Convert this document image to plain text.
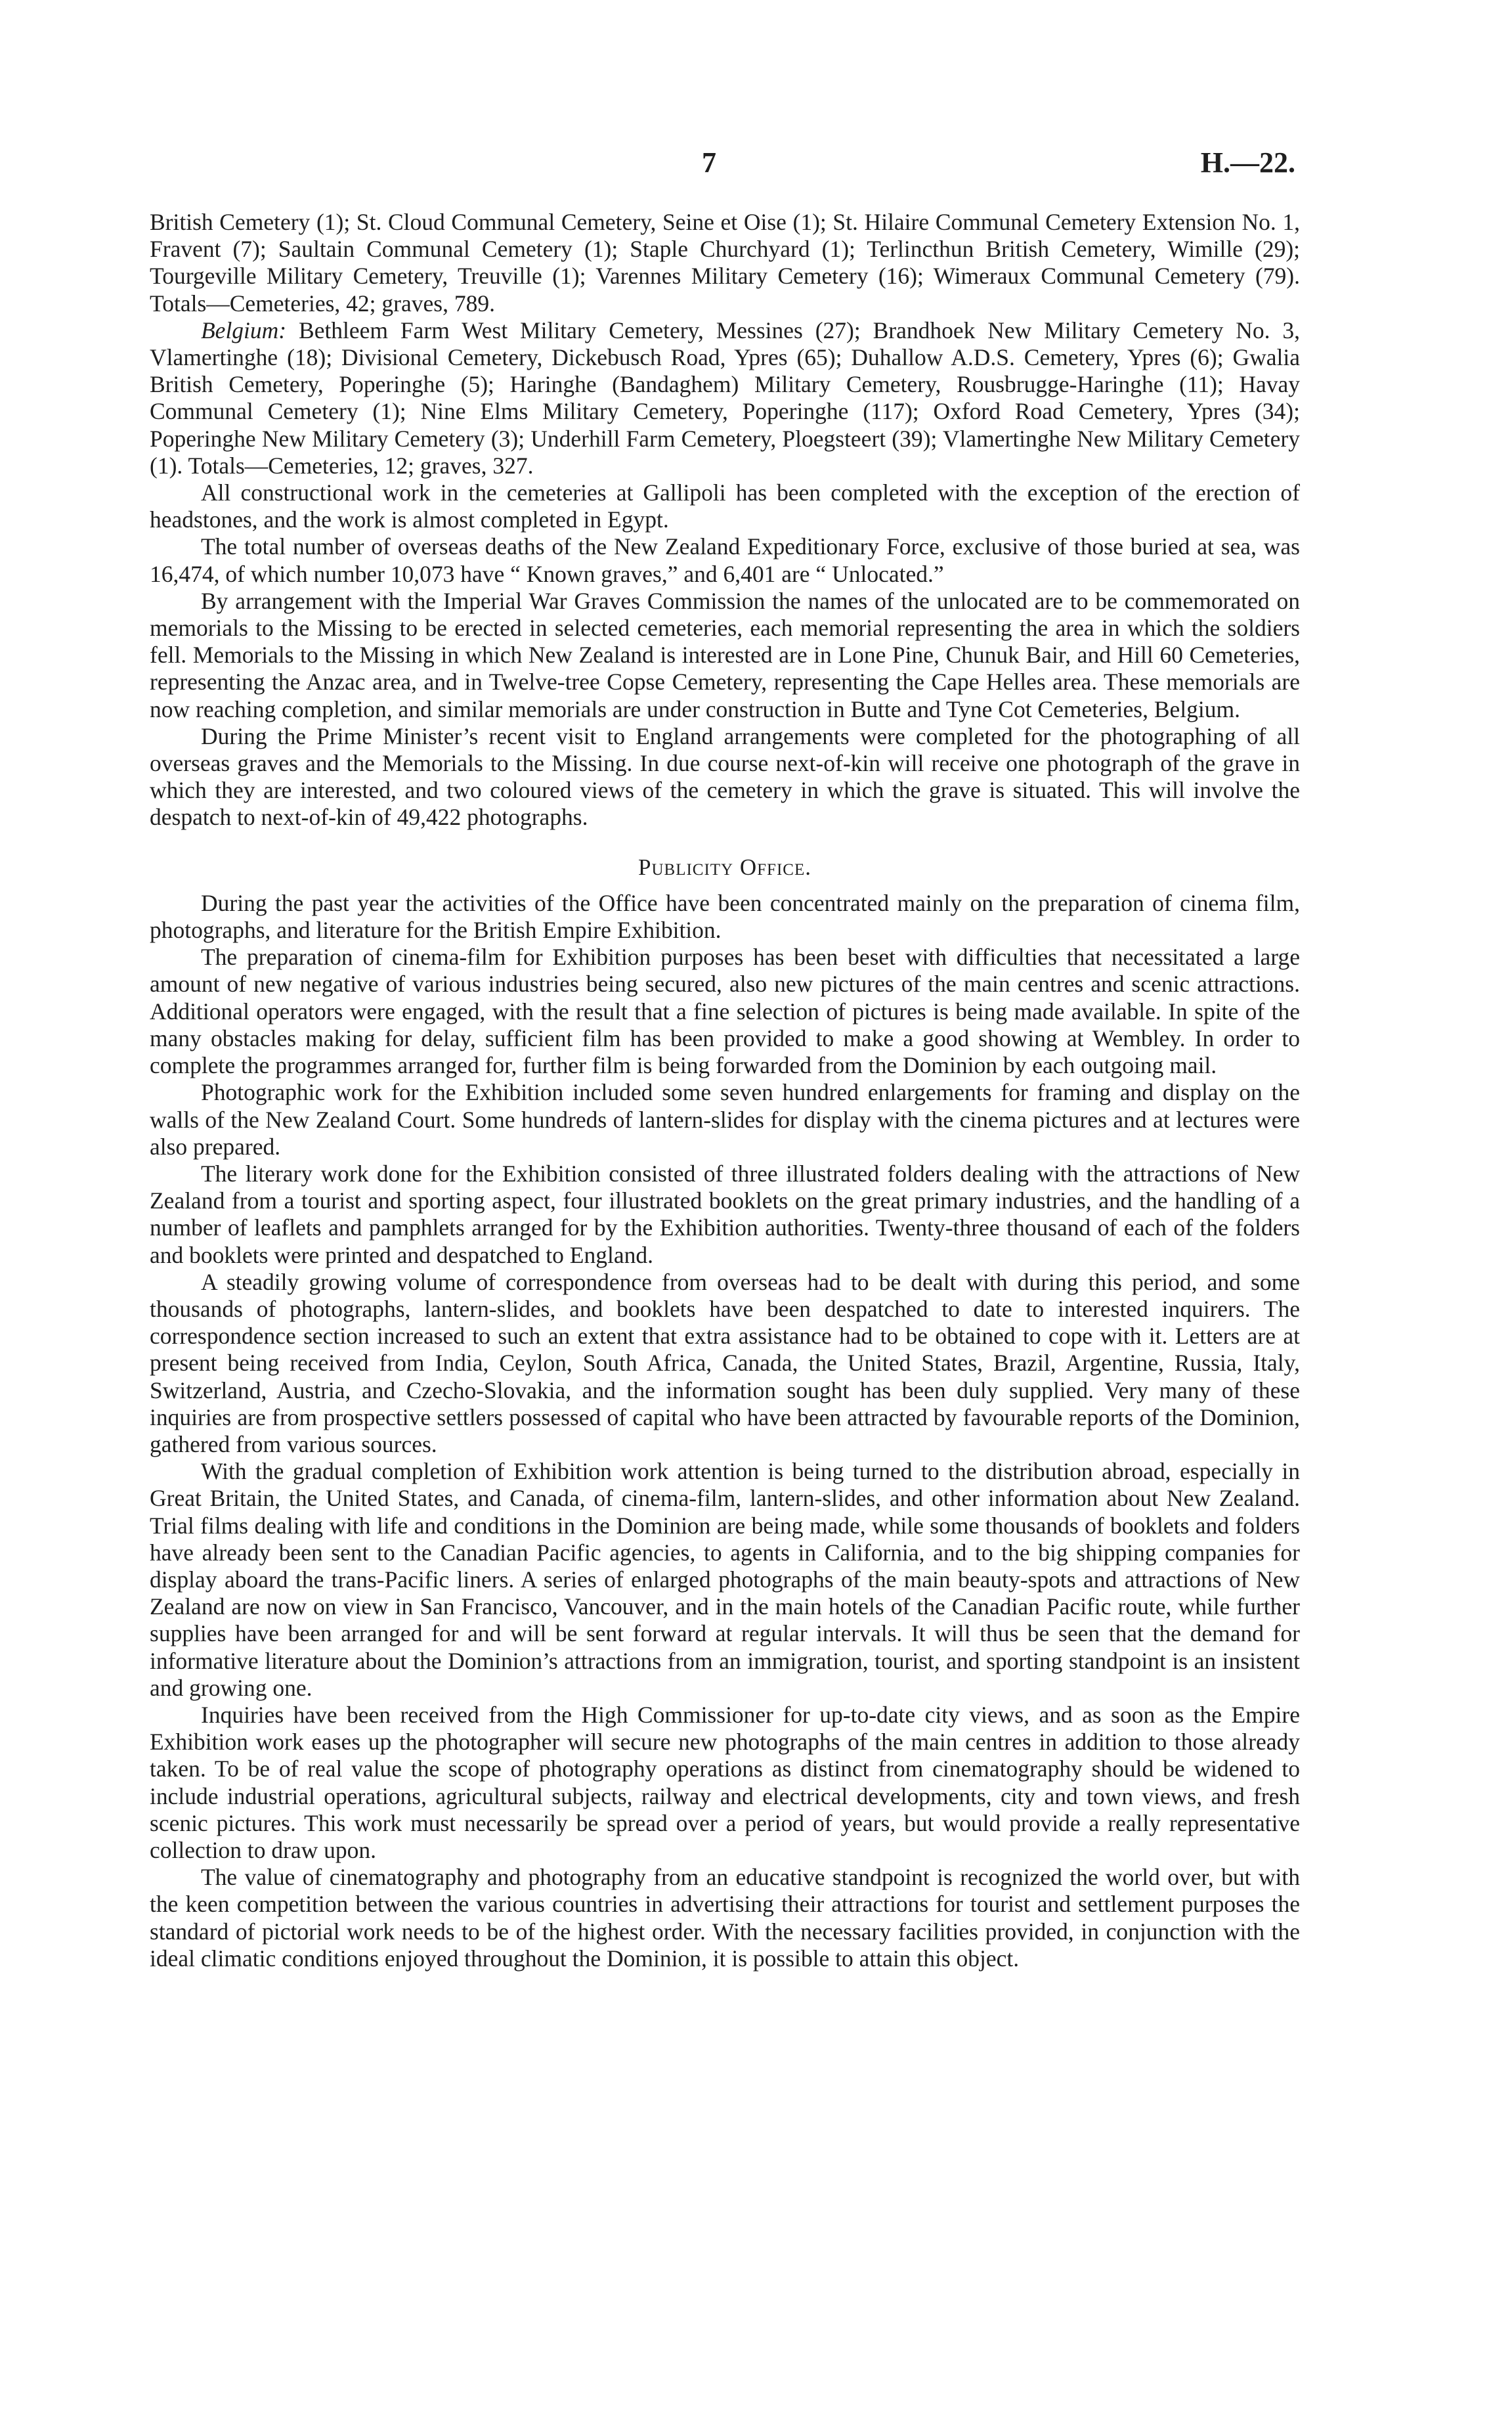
7	H.—22.

British Cemetery (1); St. Cloud Communal Cemetery, Seine et Oise (1); St. Hilaire Communal Cemetery Extension No. 1, Fravent (7); Saultain Communal Cemetery (1); Staple Churchyard (1); Terlincthun British Cemetery, Wimille (29); Tourgeville Military Cemetery, Treuville (1); Varennes Military Cemetery (16); Wimeraux Communal Cemetery (79). Totals—Cemeteries, 42; graves, 789.

Belgium: Bethleem Farm West Military Cemetery, Messines (27); Brandhoek New Military Cemetery No. 3, Vlamertinghe (18); Divisional Cemetery, Dickebusch Road, Ypres (65); Duhallow A.D.S. Cemetery, Ypres (6); Gwalia British Cemetery, Poperinghe (5); Haringhe (Bandaghem) Military Cemetery, Rousbrugge-Haringhe (11); Havay Communal Cemetery (1); Nine Elms Military Cemetery, Poperinghe (117); Oxford Road Cemetery, Ypres (34); Poperinghe New Military Cemetery (3); Underhill Farm Cemetery, Ploegsteert (39); Vlamertinghe New Military Cemetery (1). Totals—Cemeteries, 12; graves, 327.

All constructional work in the cemeteries at Gallipoli has been completed with the exception of the erection of headstones, and the work is almost completed in Egypt.

The total number of overseas deaths of the New Zealand Expeditionary Force, exclusive of those buried at sea, was 16,474, of which number 10,073 have “ Known graves,” and 6,401 are “ Unlocated.”

By arrangement with the Imperial War Graves Commission the names of the unlocated are to be commemorated on memorials to the Missing to be erected in selected cemeteries, each memorial representing the area in which the soldiers fell. Memorials to the Missing in which New Zealand is interested are in Lone Pine, Chunuk Bair, and Hill 60 Cemeteries, representing the Anzac area, and in Twelve-tree Copse Cemetery, representing the Cape Helles area. These memorials are now reaching completion, and similar memorials are under construction in Butte and Tyne Cot Cemeteries, Belgium.

During the Prime Minister’s recent visit to England arrangements were completed for the photographing of all overseas graves and the Memorials to the Missing. In due course next-of-kin will receive one photograph of the grave in which they are interested, and two coloured views of the cemetery in which the grave is situated. This will involve the despatch to next-of-kin of 49,422 photographs.

Publicity Office.

During the past year the activities of the Office have been concentrated mainly on the preparation of cinema film, photographs, and literature for the British Empire Exhibition.

The preparation of cinema-film for Exhibition purposes has been beset with difficulties that necessitated a large amount of new negative of various industries being secured, also new pictures of the main centres and scenic attractions. Additional operators were engaged, with the result that a fine selection of pictures is being made available. In spite of the many obstacles making for delay, sufficient film has been provided to make a good showing at Wembley. In order to complete the programmes arranged for, further film is being forwarded from the Dominion by each outgoing mail.

Photographic work for the Exhibition included some seven hundred enlargements for framing and display on the walls of the New Zealand Court. Some hundreds of lantern-slides for display with the cinema pictures and at lectures were also prepared.

The literary work done for the Exhibition consisted of three illustrated folders dealing with the attractions of New Zealand from a tourist and sporting aspect, four illustrated booklets on the great primary industries, and the handling of a number of leaflets and pamphlets arranged for by the Exhibition authorities. Twenty-three thousand of each of the folders and booklets were printed and despatched to England.

A steadily growing volume of correspondence from overseas had to be dealt with during this period, and some thousands of photographs, lantern-slides, and booklets have been despatched to date to interested inquirers. The correspondence section increased to such an extent that extra assistance had to be obtained to cope with it. Letters are at present being received from India, Ceylon, South Africa, Canada, the United States, Brazil, Argentine, Russia, Italy, Switzerland, Austria, and Czecho-Slovakia, and the information sought has been duly supplied. Very many of these inquiries are from prospective settlers possessed of capital who have been attracted by favourable reports of the Dominion, gathered from various sources.

With the gradual completion of Exhibition work attention is being turned to the distribution abroad, especially in Great Britain, the United States, and Canada, of cinema-film, lantern-slides, and other information about New Zealand. Trial films dealing with life and conditions in the Dominion are being made, while some thousands of booklets and folders have already been sent to the Canadian Pacific agencies, to agents in California, and to the big shipping companies for display aboard the trans-Pacific liners. A series of enlarged photographs of the main beauty-spots and attractions of New Zealand are now on view in San Francisco, Vancouver, and in the main hotels of the Canadian Pacific route, while further supplies have been arranged for and will be sent forward at regular intervals. It will thus be seen that the demand for informative literature about the Dominion’s attractions from an immigration, tourist, and sporting standpoint is an insistent and growing one.

Inquiries have been received from the High Commissioner for up-to-date city views, and as soon as the Empire Exhibition work eases up the photographer will secure new photographs of the main centres in addition to those already taken. To be of real value the scope of photography operations as distinct from cinematography should be widened to include industrial operations, agricultural subjects, railway and electrical developments, city and town views, and fresh scenic pictures. This work must necessarily be spread over a period of years, but would provide a really representative collection to draw upon.

The value of cinematography and photography from an educative standpoint is recognized the world over, but with the keen competition between the various countries in advertising their attractions for tourist and settlement purposes the standard of pictorial work needs to be of the highest order. With the necessary facilities provided, in conjunction with the ideal climatic conditions enjoyed throughout the Dominion, it is possible to attain this object.
